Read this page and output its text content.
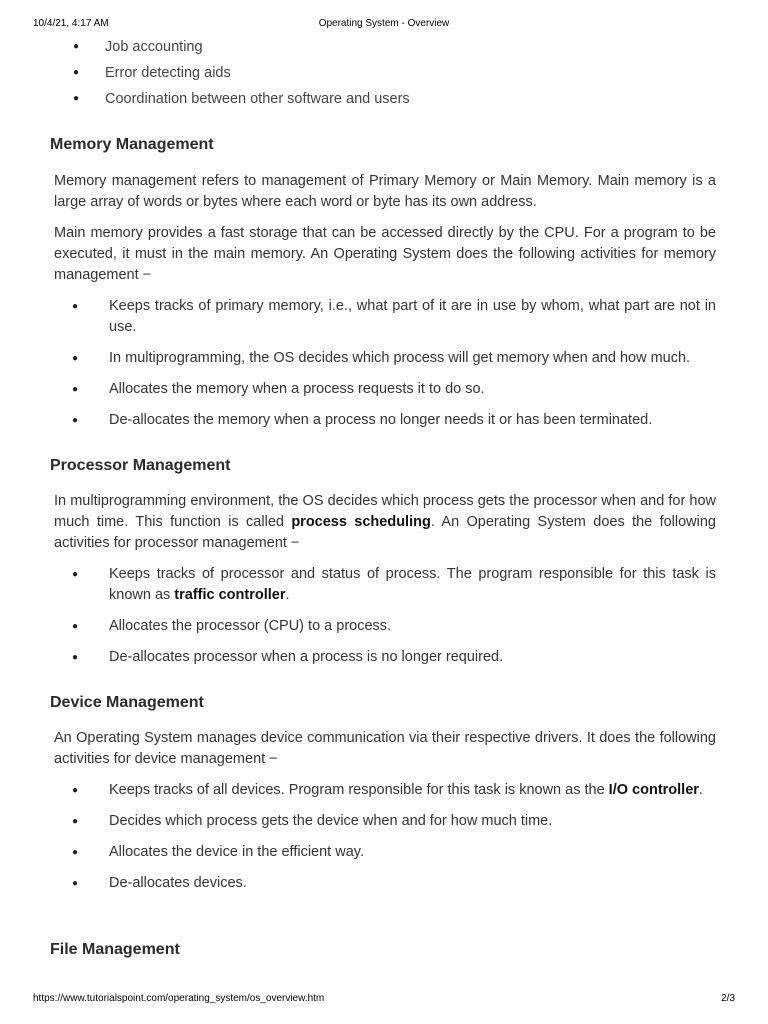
10/4/21, 4:17 AM	Operating System - Overview
● Job accounting
● Error detecting aids
● Coordination between other software and users
Memory Management

Memory management refers to management of Primary Memory or Main Memory. Main memory is a large array of words or bytes where each word or byte has its own address.

Main memory provides a fast storage that can be accessed directly by the CPU. For a program to be executed, it must in the main memory. An Operating System does the following activities for memory management −

● Keeps tracks of primary memory, i.e., what part of it are in use by whom, what part are not in use.
● In multiprogramming, the OS decides which process will get memory when and how much.
● Allocates the memory when a process requests it to do so.
● De-allocates the memory when a process no longer needs it or has been terminated.
Processor Management

In multiprogramming environment, the OS decides which process gets the processor when and for how much time. This function is called process scheduling. An Operating System does the following activities for processor management −

● Keeps tracks of processor and status of process. The program responsible for this task is known as traffic controller.
● Allocates the processor (CPU) to a process.
● De-allocates processor when a process is no longer required.
Device Management

An Operating System manages device communication via their respective drivers. It does the following activities for device management −

● Keeps tracks of all devices. Program responsible for this task is known as the I/O controller.
● Decides which process gets the device when and for how much time.
● Allocates the device in the efficient way.
● De-allocates devices.
File Management
https://www.tutorialspoint.com/operating_system/os_overview.htm	2/3
